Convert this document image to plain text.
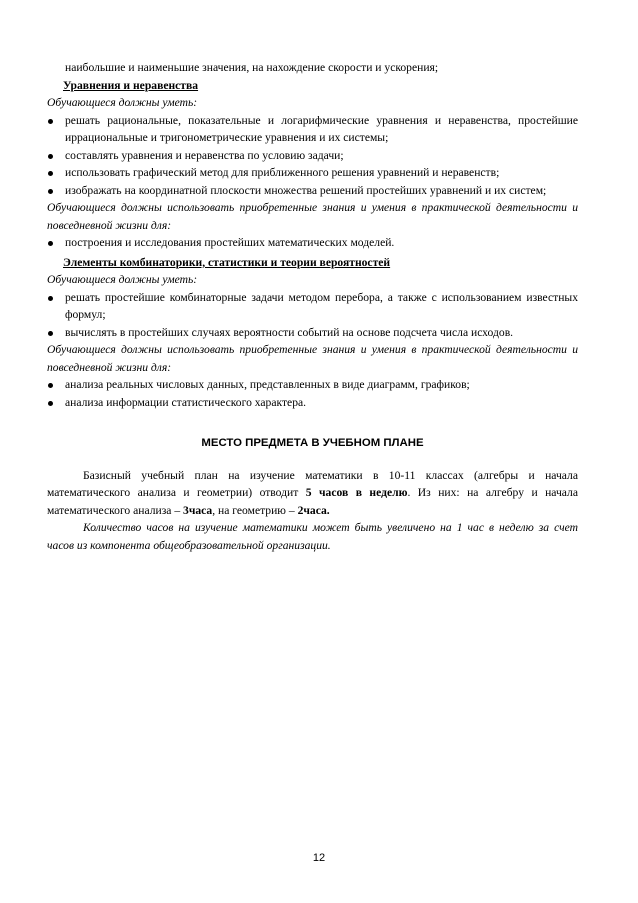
наибольшие и наименьшие значения, на нахождение скорости и ускорения;

Уравнения и неравенства

Обучающиеся должны уметь:

решать рациональные, показательные и логарифмические уравнения и неравенства, простейшие иррациональные и тригонометрические уравнения и их системы;
составлять уравнения и неравенства по условию задачи;
использовать графический метод для приближенного решения уравнений и неравенств;
изображать на координатной плоскости множества решений простейших уравнений и их систем;

Обучающиеся должны использовать приобретенные знания и умения в практической деятельности и повседневной жизни для:

построения и исследования простейших математических моделей.

Элементы комбинаторики, статистики и теории вероятностей

Обучающиеся должны уметь:

решать простейшие комбинаторные задачи методом перебора, а также с использованием известных формул;
вычислять в простейших случаях вероятности событий на основе подсчета числа исходов.

Обучающиеся должны использовать приобретенные знания и умения в практической деятельности и повседневной жизни для:

анализа реальных числовых данных, представленных в виде диаграмм, графиков;
анализа информации статистического характера.

МЕСТО ПРЕДМЕТА В УЧЕБНОМ ПЛАНЕ

Базисный учебный план на изучение математики в 10-11 классах (алгебры и начала математического анализа и геометрии) отводит 5 часов в неделю. Из них: на алгебру и начала математического анализа – 3часа, на геометрию – 2часа.

Количество часов на изучение математики может быть увеличено на 1 час в неделю за счет часов из компонента общеобразовательной организации.

12
